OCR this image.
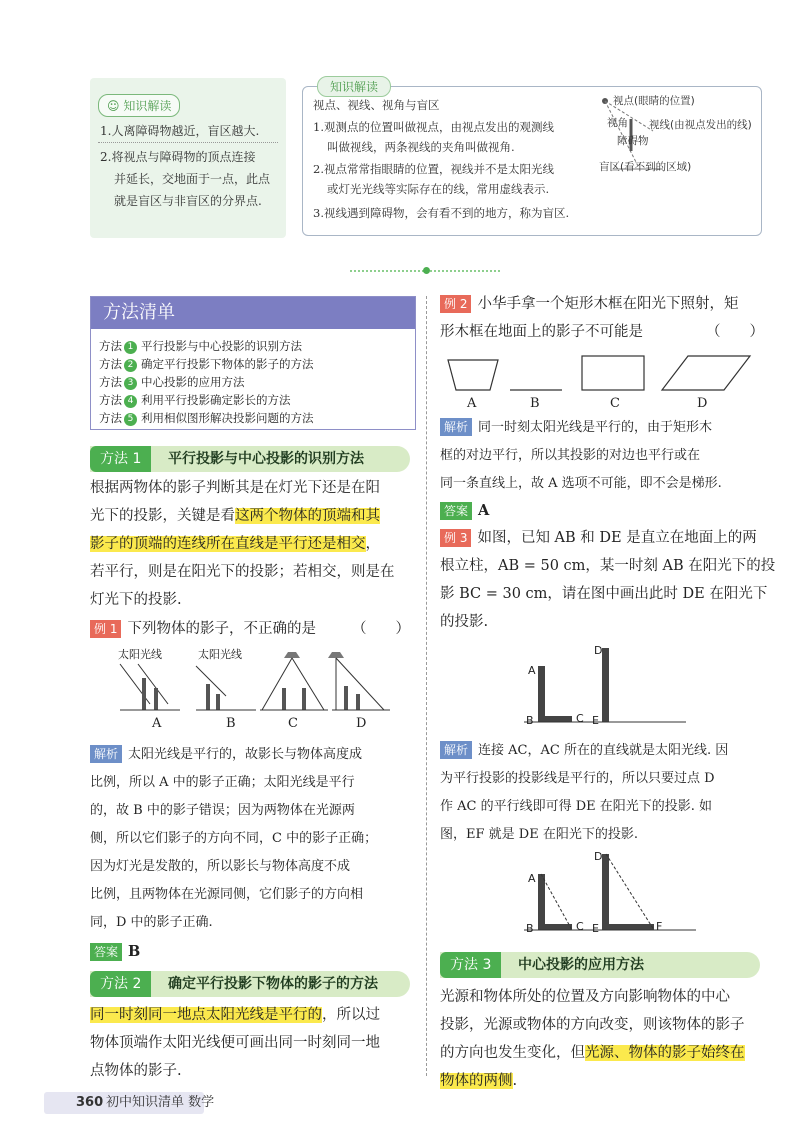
☺ 知识解读
1.人离障碍物越近，盲区越大.
2.将视点与障碍物的顶点连接
并延长，交地面于一点，此点
就是盲区与非盲区的分界点.
知识解读
视点、视线、视角与盲区
1.观测点的位置叫做视点，由视点发出的观测线
叫做视线，两条视线的夹角叫做视角.
2.视点常常指眼睛的位置，视线并不是太阳光线
或灯光光线等实际存在的线，常用虚线表示.
3.视线遇到障碍物，会有看不到的地方，称为盲区.
视点(眼睛的位置)
视角 视线(由视点发出的线)
障碍物
盲区(看不到的区域)
方法清单
方法 1 平行投影与中心投影的识别方法
方法 2 确定平行投影下物体的影子的方法
方法 3 中心投影的应用方法
方法 4 利用平行投影确定影长的方法
方法 5 利用相似图形解决投影问题的方法
方法 1	平行投影与中心投影的识别方法
根据两物体的影子判断其是在灯光下还是在阳
光下的投影，关键是看这两个物体的顶端和其
影子的顶端的连线所在直线是平行还是相交，
若平行，则是在阳光下的投影；若相交，则是在
灯光下的投影.
例 1 下列物体的影子，不正确的是 （　　）
太阳光线	太阳光线
A	B	C	D
解析 太阳光线是平行的，故影长与物体高度成
比例，所以 A 中的影子正确；太阳光线是平行
的，故 B 中的影子错误；因为两物体在光源两
侧，所以它们影子的方向不同，C 中的影子正确；
因为灯光是发散的，所以影长与物体高度不成
比例，且两物体在光源同侧，它们影子的方向相
同，D 中的影子正确.
答案 B
方法 2	确定平行投影下物体的影子的方法
同一时刻同一地点太阳光线是平行的，所以过
物体顶端作太阳光线便可画出同一时刻同一地
点物体的影子.
例 2 小华手拿一个矩形木框在阳光下照射，矩
形木框在地面上的影子不可能是	（　　）
A	B	C	D
解析 同一时刻太阳光线是平行的，由于矩形木
框的对边平行，所以其投影的对边也平行或在
同一条直线上，故 A 选项不可能，即不会是梯形.
答案 A
例 3 如图，已知 AB 和 DE 是直立在地面上的两
根立柱，AB = 50 cm，某一时刻 AB 在阳光下的投
影 BC = 30 cm，请在图中画出此时 DE 在阳光下
的投影.
A
B	C
D
E
解析 连接 AC，AC 所在的直线就是太阳光线. 因
为平行投影的投影线是平行的，所以只要过点 D
作 AC 的平行线即可得 DE 在阳光下的投影. 如
图，EF 就是 DE 在阳光下的投影.
A
B	C
D
E	F
方法 3	中心投影的应用方法
光源和物体所处的位置及方向影响物体的中心
投影，光源或物体的方向改变，则该物体的影子
的方向也发生变化，但光源、物体的影子始终在
物体的两侧.
360 初中知识清单 数学
